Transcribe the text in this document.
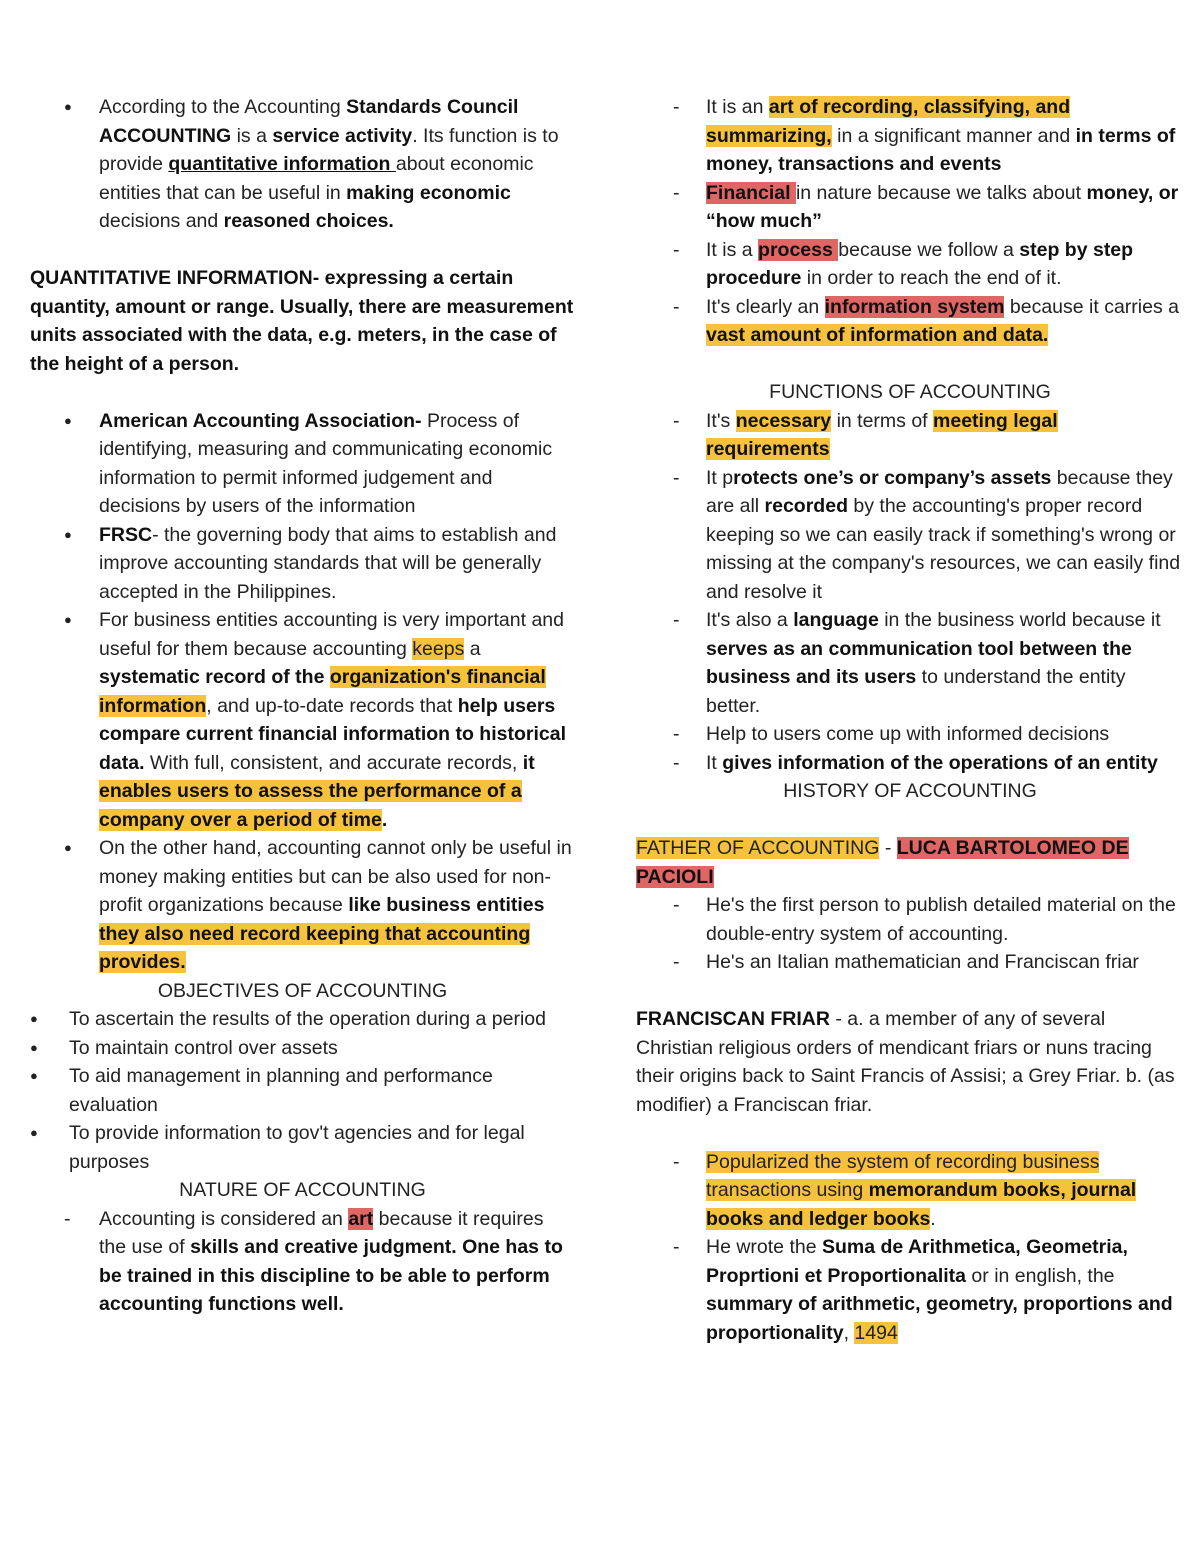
● According to the Accounting Standards Council ACCOUNTING is a service activity. Its function is to provide quantitative information about economic entities that can be useful in making economic decisions and reasoned choices.

QUANTITATIVE INFORMATION- expressing a certain quantity, amount or range. Usually, there are measurement units associated with the data, e.g. meters, in the case of the height of a person.

● American Accounting Association- Process of identifying, measuring and communicating economic information to permit informed judgement and decisions by users of the information

● FRSC- the governing body that aims to establish and improve accounting standards that will be generally accepted in the Philippines.

● For business entities accounting is very important and useful for them because accounting keeps a systematic record of the organization's financial information, and up-to-date records that help users compare current financial information to historical data. With full, consistent, and accurate records, it enables users to assess the performance of a company over a period of time.

● On the other hand, accounting cannot only be useful in money making entities but can be also used for non-profit organizations because like business entities they also need record keeping that accounting provides.

OBJECTIVES OF ACCOUNTING

● To ascertain the results of the operation during a period

● To maintain control over assets

● To aid management in planning and performance evaluation

● To provide information to gov't agencies and for legal purposes

NATURE OF ACCOUNTING

- Accounting is considered an art because it requires the use of skills and creative judgment. One has to be trained in this discipline to be able to perform accounting functions well.

- It is an art of recording, classifying, and summarizing, in a significant manner and in terms of money, transactions and events

- Financial in nature because we talks about money, or “how much”

- It is a process because we follow a step by step procedure in order to reach the end of it.

- It's clearly an information system because it carries a vast amount of information and data.

FUNCTIONS OF ACCOUNTING

- It's necessary in terms of meeting legal requirements

- It protects one’s or company’s assets because they are all recorded by the accounting's proper record keeping so we can easily track if something's wrong or missing at the company's resources, we can easily find and resolve it

- It's also a language in the business world because it serves as an communication tool between the business and its users to understand the entity better.

- Help to users come up with informed decisions

- It gives information of the operations of an entity

HISTORY OF ACCOUNTING

FATHER OF ACCOUNTING - LUCA BARTOLOMEO DE PACIOLI

- He's the first person to publish detailed material on the double-entry system of accounting.

- He's an Italian mathematician and Franciscan friar

FRANCISCAN FRIAR - a. a member of any of several Christian religious orders of mendicant friars or nuns tracing their origins back to Saint Francis of Assisi; a Grey Friar. b. (as modifier) a Franciscan friar.

- Popularized the system of recording business transactions using memorandum books, journal books and ledger books.

- He wrote the Suma de Arithmetica, Geometria, Proprtioni et Proportionalita or in english, the summary of arithmetic, geometry, proportions and proportionality, 1494
